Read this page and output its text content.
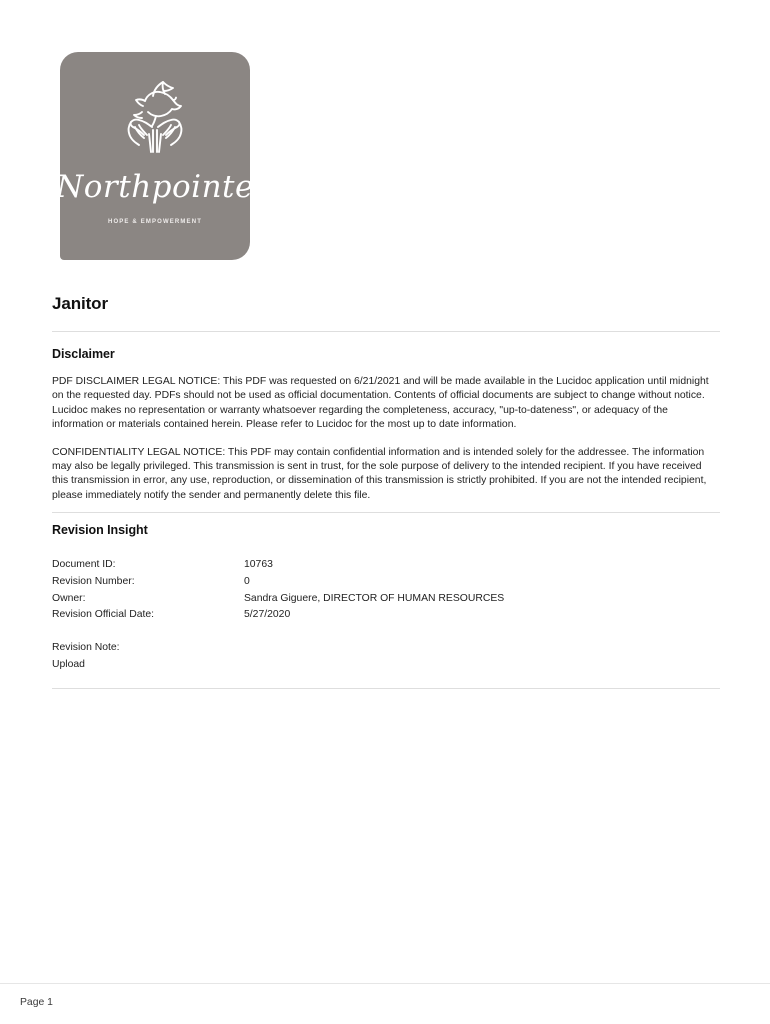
Northpointe
HOPE & EMPOWERMENT
Janitor
Disclaimer

PDF DISCLAIMER LEGAL NOTICE: This PDF was requested on 6/21/2021 and will be made available in the Lucidoc application until midnight on the requested day. PDFs should not be used as official documentation. Contents of official documents are subject to change without notice. Lucidoc makes no representation or warranty whatsoever regarding the completeness, accuracy, "up-to-dateness", or adequacy of the information or materials contained herein. Please refer to Lucidoc for the most up to date information.

CONFIDENTIALITY LEGAL NOTICE: This PDF may contain confidential information and is intended solely for the addressee. The information may also be legally privileged. This transmission is sent in trust, for the sole purpose of delivery to the intended recipient. If you have received this transmission in error, any use, reproduction, or dissemination of this transmission is strictly prohibited. If you are not the intended recipient, please immediately notify the sender and permanently delete this file.

Revision Insight
Document ID:	10763
Revision Number:	0
Owner:	Sandra Giguere, DIRECTOR OF HUMAN RESOURCES
Revision Official Date:	5/27/2020
Revision Note:
Upload
Page 1
